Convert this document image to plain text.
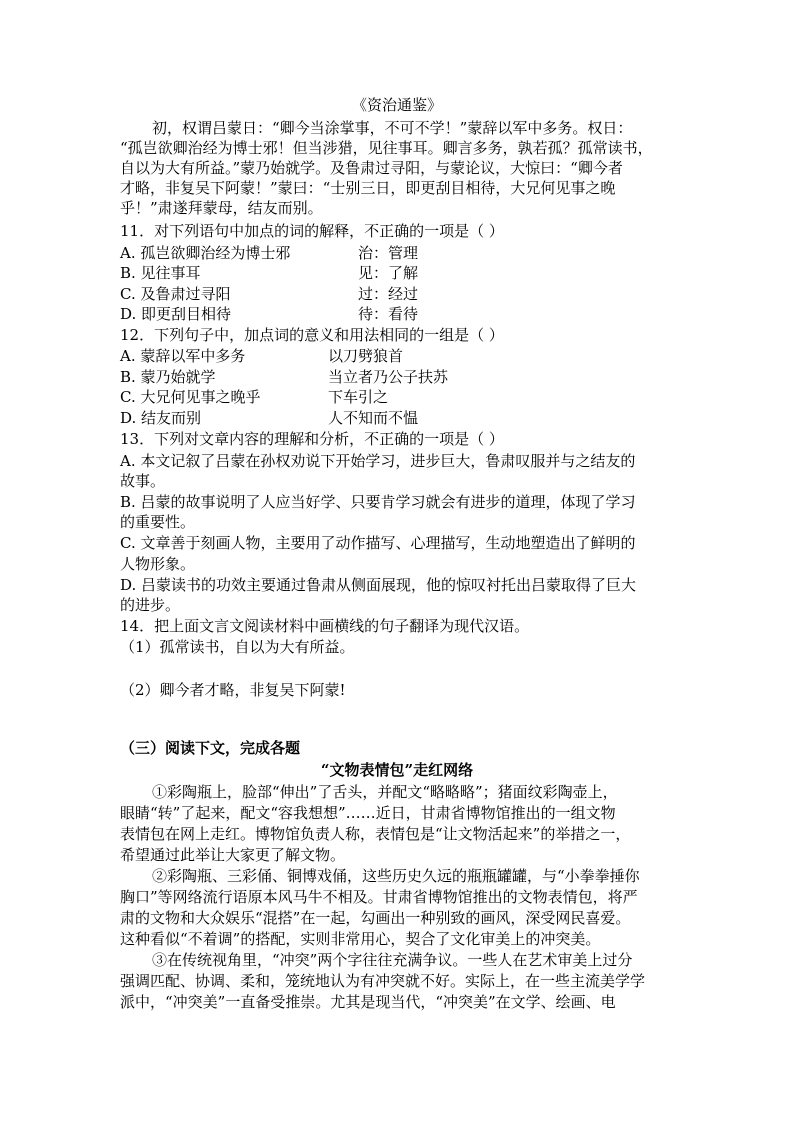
《资治通鉴》
初，权谓吕蒙日：“卿今当涂掌事，不可不学！”蒙辞以军中多务。权日：
“孤岂欲卿治经为博士邪！但当涉猎，见往事耳。卿言多务，孰若孤？孤常读书，
自以为大有所益。”蒙乃始就学。及鲁肃过寻阳，与蒙论议，大惊曰：“卿今者
才略，非复吴下阿蒙！”蒙曰：“士别三日，即更刮目相待，大兄何见事之晚
乎！”肃遂拜蒙母，结友而别。
11．对下列语句中加点的词的解释，不正确的一项是（ ）
A. 孤岂欲卿治经为博士邪	治：管理
B. 见往事耳	见：了解
C. 及鲁肃过寻阳	过：经过
D. 即更刮目相待	待：看待
12．下列句子中，加点词的意义和用法相同的一组是（ ）
A. 蒙辞以军中多务	以刀劈狼首
B. 蒙乃始就学	当立者乃公子扶苏
C. 大兄何见事之晚乎	下车引之
D. 结友而别	人不知而不愠
13．下列对文章内容的理解和分析，不正确的一项是（ ）
A. 本文记叙了吕蒙在孙权劝说下开始学习，进步巨大，鲁肃叹服并与之结友的
故事。
B. 吕蒙的故事说明了人应当好学、只要肯学习就会有进步的道理，体现了学习
的重要性。
C. 文章善于刻画人物，主要用了动作描写、心理描写，生动地塑造出了鲜明的
人物形象。
D. 吕蒙读书的功效主要通过鲁肃从侧面展现，他的惊叹衬托出吕蒙取得了巨大
的进步。
14．把上面文言文阅读材料中画横线的句子翻译为现代汉语。
（1）孤常读书，自以为大有所益。
（2）卿今者才略，非复吴下阿蒙!
（三）阅读下文，完成各题
“文物表情包”走红网络
①彩陶瓶上，脸部“伸出”了舌头，并配文“略略略”；猪面纹彩陶壶上，
眼睛“转”了起来，配文“容我想想”……近日，甘肃省博物馆推出的一组文物
表情包在网上走红。博物馆负责人称，表情包是“让文物活起来”的举措之一，
希望通过此举让大家更了解文物。
②彩陶瓶、三彩俑、铜博戏俑，这些历史久远的瓶瓶罐罐，与“小拳拳捶你
胸口”等网络流行语原本风马牛不相及。甘肃省博物馆推出的文物表情包，将严
肃的文物和大众娱乐“混搭”在一起，勾画出一种别致的画风，深受网民喜爱。
这种看似“不着调”的搭配，实则非常用心，契合了文化审美上的冲突美。
③在传统视角里，“冲突”两个字往往充满争议。一些人在艺术审美上过分
强调匹配、协调、柔和，笼统地认为有冲突就不好。实际上，在一些主流美学学
派中，“冲突美”一直备受推崇。尤其是现当代，“冲突美”在文学、绘画、电
